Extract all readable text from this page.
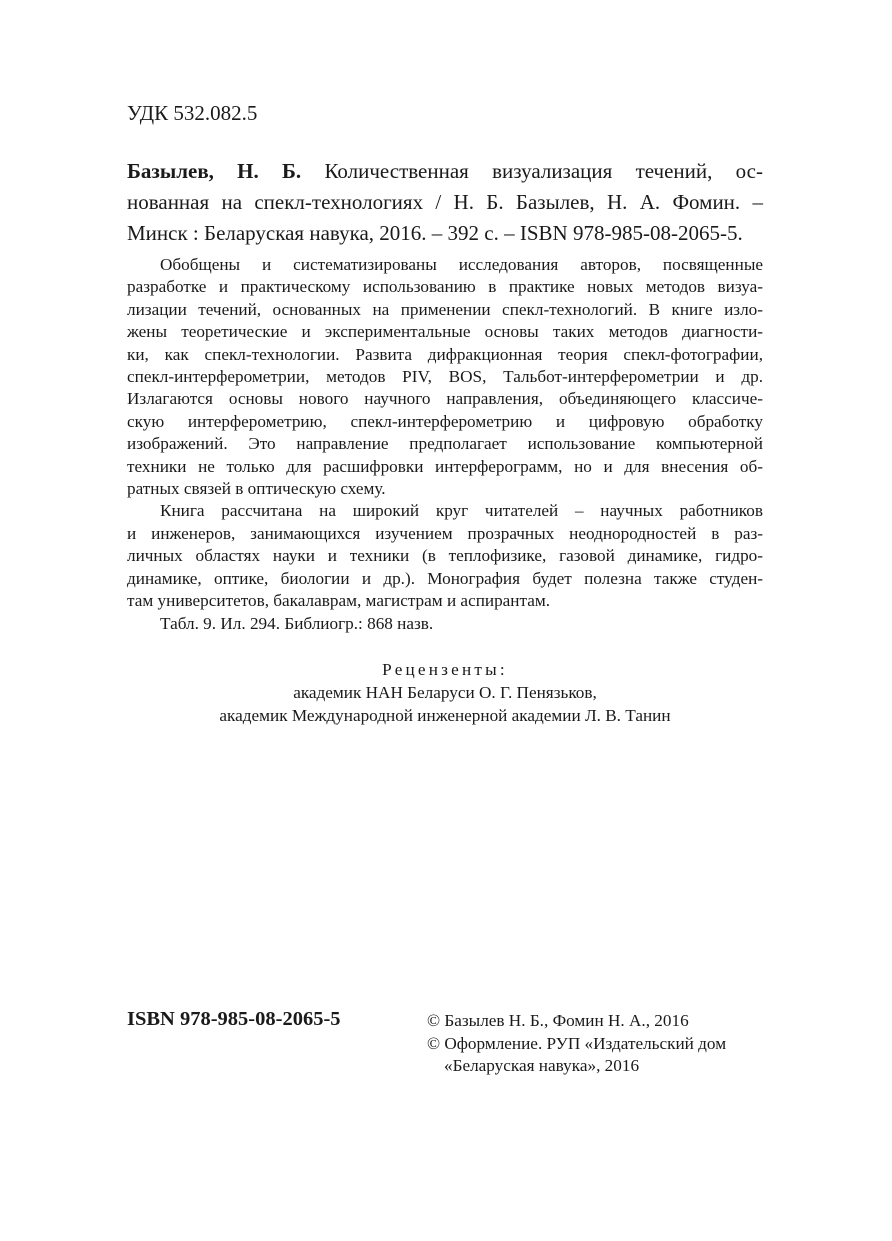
УДК 532.082.5
Базылев, Н. Б. Количественная визуализация течений, ос-
нованная на спекл-технологиях / Н. Б. Базылев, Н. А. Фомин. –
Минск : Беларуская навука, 2016. – 392 с. – ISBN 978-985-08-2065-5.
Обобщены и систематизированы исследования авторов, посвященные
разработке и практическому использованию в практике новых методов визуа-
лизации течений, основанных на применении спекл-технологий. В книге изло-
жены теоретические и экспериментальные основы таких методов диагности-
ки, как спекл-технологии. Развита дифракционная теория спекл-фотографии,
спекл-интерферометрии, методов PIV, BOS, Тальбот-интерферометрии и др.
Излагаются основы нового научного направления, объединяющего классиче-
скую интерферометрию, спекл-интерферометрию и цифровую обработку
изображений. Это направление предполагает использование компьютерной
техники не только для расшифровки интерферограмм, но и для внесения об-
ратных связей в оптическую схему.
Книга рассчитана на широкий круг читателей – научных работников
и инженеров, занимающихся изучением прозрачных неоднородностей в раз-
личных областях науки и техники (в теплофизике, газовой динамике, гидро-
динамике, оптике, биологии и др.). Монография будет полезна также студен-
там университетов, бакалаврам, магистрам и аспирантам.
Табл. 9. Ил. 294. Библиогр.: 868 назв.
Рецензенты:
академик НАН Беларуси О. Г. Пенязьков,
академик Международной инженерной академии Л. В. Танин
ISBN 978-985-08-2065-5	© Базылев Н. Б., Фомин Н. А., 2016
© Оформление. РУП «Издательский дом
«Беларуская навука», 2016
